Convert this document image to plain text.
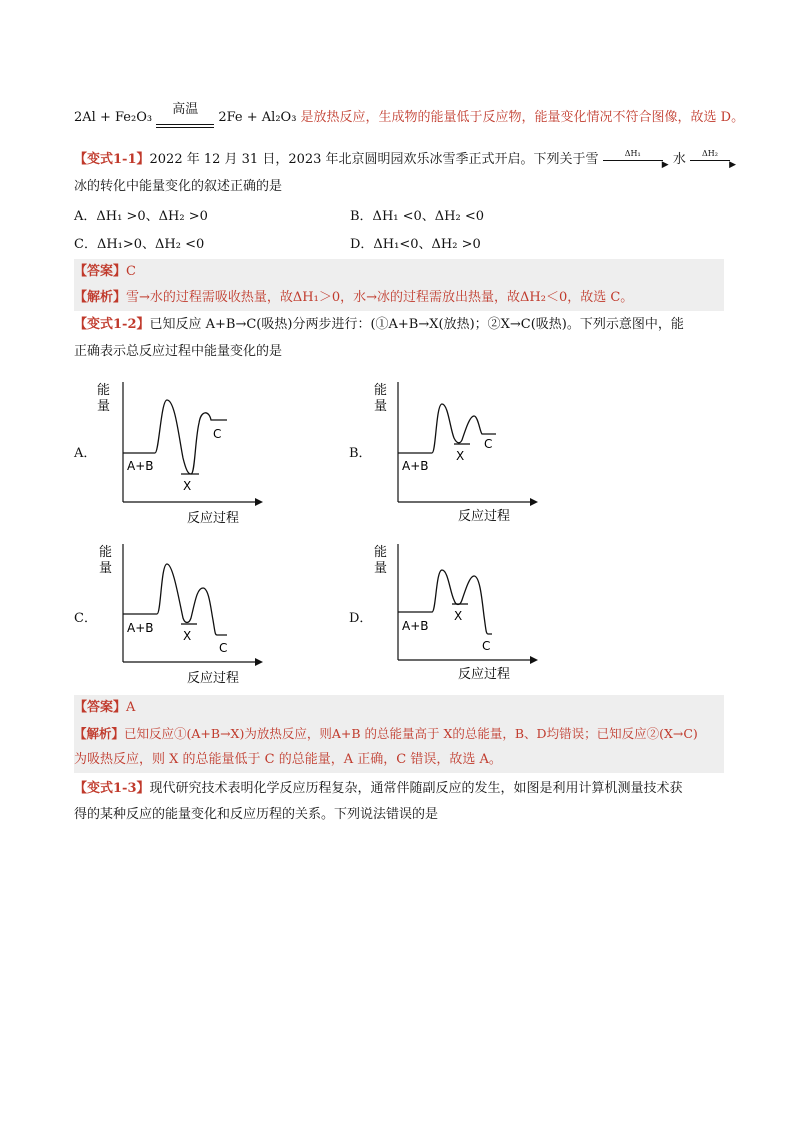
2Al + Fe₂O₃
高温
2Fe + Al₂O₃ 是放热反应，生成物的能量低于反应物，能量变化情况不符合图像，故选 D。
【变式1-1】2022 年 12 月 31 日，2023 年北京圆明园欢乐冰雪季正式开启。下列关于雪	ΔH₁
▶ 水 ΔH₂
▶
冰的转化中能量变化的叙述正确的是
A．ΔH₁ >0、ΔH₂ >0	B．ΔH₁ <0、ΔH₂ <0
C．ΔH₁>0、ΔH₂ <0	D．ΔH₁<0、ΔH₂ >0
【答案】C
【解析】雪→水的过程需吸收热量，故ΔH₁＞0，水→冰的过程需放出热量，故ΔH₂＜0，故选 C。
【变式1-2】已知反应 A+B→C(吸热)分两步进行：(①A+B→X(放热)；②X→C(吸热)。下列示意图中，能
正确表示总反应过程中能量变化的是
A．
能
量
A+B
X
C
反应过程
B．
能
量
A+B
X
C
反应过程
C．
能
量
A+B
X
C
反应过程
D．
能
量
A+B
X
C
反应过程
【答案】A
【解析】已知反应①(A+B→X)为放热反应，则A+B 的总能量高于 X的总能量，B、D均错误；已知反应②(X→C)
为吸热反应，则 X 的总能量低于 C 的总能量，A 正确，C 错误，故选 A。
【变式1-3】现代研究技术表明化学反应历程复杂，通常伴随副反应的发生，如图是利用计算机测量技术获
得的某种反应的能量变化和反应历程的关系。下列说法错误的是
